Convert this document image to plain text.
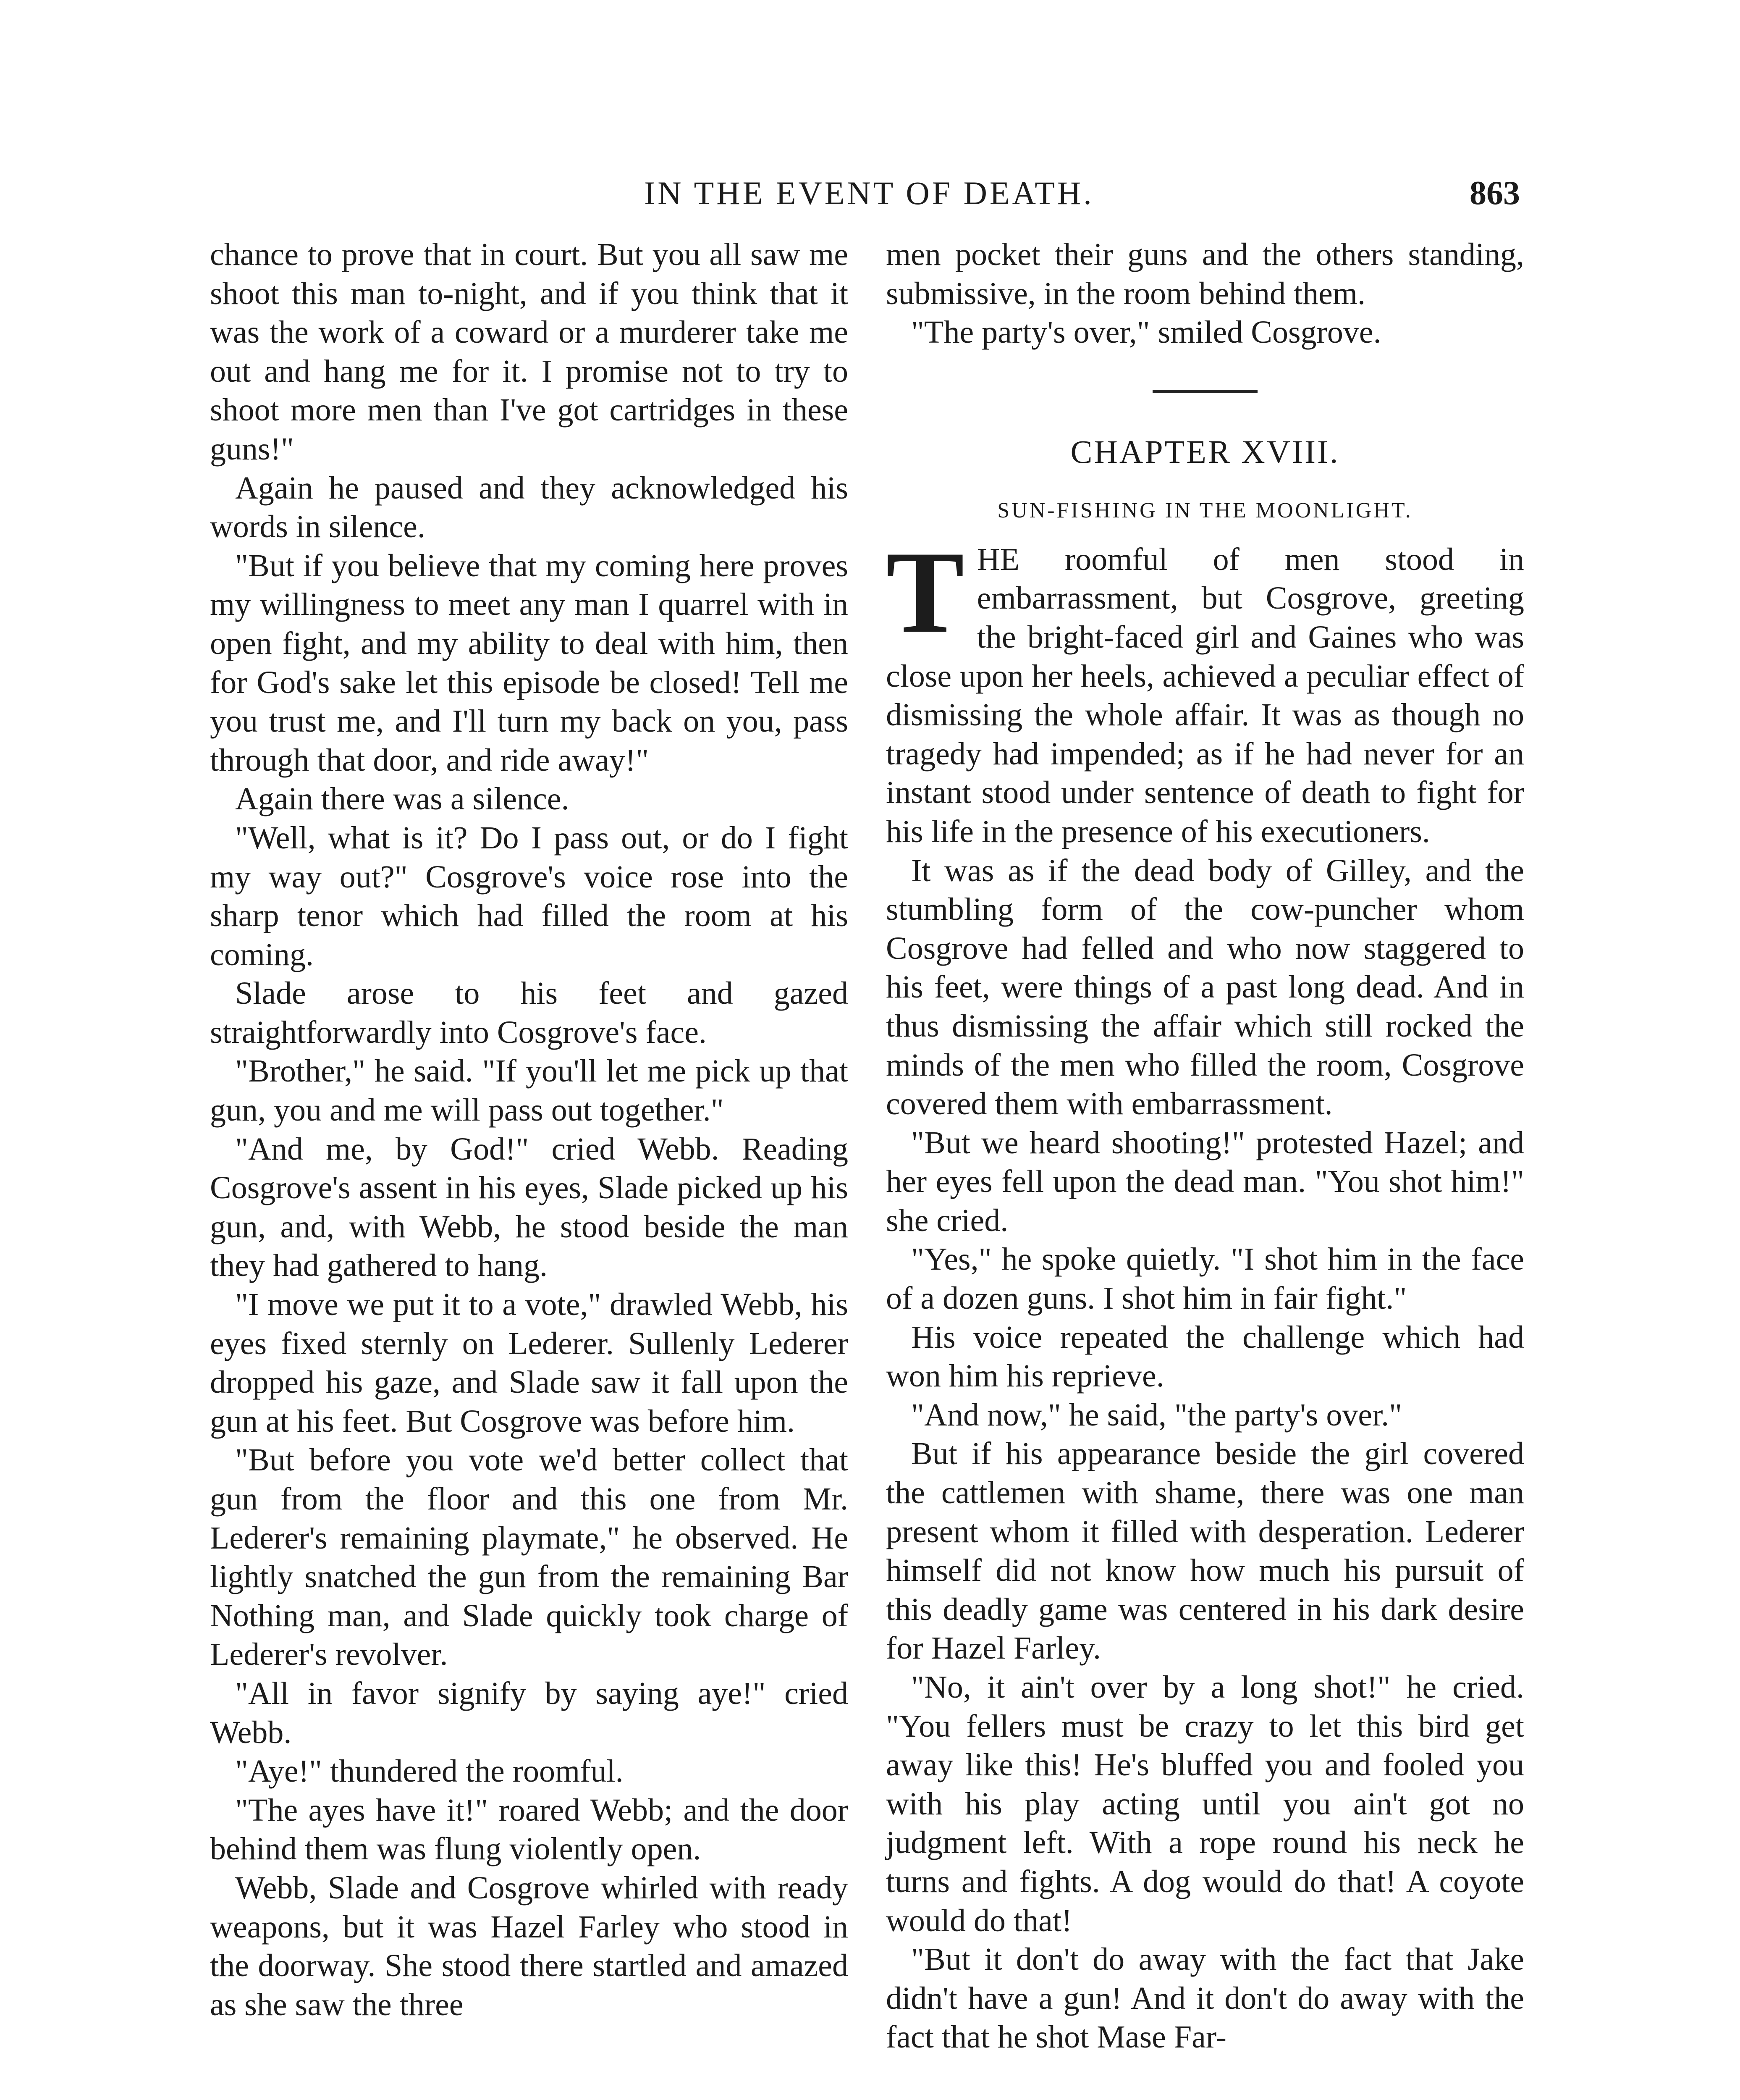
IN THE EVENT OF DEATH.	863

chance to prove that in court. But you all saw me shoot this man to-night, and if you think that it was the work of a coward or a murderer take me out and hang me for it. I promise not to try to shoot more men than I've got cartridges in these guns!"

Again he paused and they acknowledged his words in silence.

"But if you believe that my coming here proves my willingness to meet any man I quarrel with in open fight, and my ability to deal with him, then for God's sake let this episode be closed! Tell me you trust me, and I'll turn my back on you, pass through that door, and ride away!"

Again there was a silence.

"Well, what is it? Do I pass out, or do I fight my way out?" Cosgrove's voice rose into the sharp tenor which had filled the room at his coming.

Slade arose to his feet and gazed straightforwardly into Cosgrove's face.

"Brother," he said. "If you'll let me pick up that gun, you and me will pass out together."

"And me, by God!" cried Webb. Reading Cosgrove's assent in his eyes, Slade picked up his gun, and, with Webb, he stood beside the man they had gathered to hang.

"I move we put it to a vote," drawled Webb, his eyes fixed sternly on Lederer. Sullenly Lederer dropped his gaze, and Slade saw it fall upon the gun at his feet. But Cosgrove was before him.

"But before you vote we'd better collect that gun from the floor and this one from Mr. Lederer's remaining playmate," he observed. He lightly snatched the gun from the remaining Bar Nothing man, and Slade quickly took charge of Lederer's revolver.

"All in favor signify by saying aye!" cried Webb.

"Aye!" thundered the roomful.

"The ayes have it!" roared Webb; and the door behind them was flung violently open.

Webb, Slade and Cosgrove whirled with ready weapons, but it was Hazel Farley who stood in the doorway. She stood there startled and amazed as she saw the three

men pocket their guns and the others standing, submissive, in the room behind them.

"The party's over," smiled Cosgrove.

CHAPTER XVIII.
SUN-FISHING IN THE MOONLIGHT.

THE roomful of men stood in embarrassment, but Cosgrove, greeting the bright-faced girl and Gaines who was close upon her heels, achieved a peculiar effect of dismissing the whole affair. It was as though no tragedy had impended; as if he had never for an instant stood under sentence of death to fight for his life in the presence of his executioners.

It was as if the dead body of Gilley, and the stumbling form of the cow-puncher whom Cosgrove had felled and who now staggered to his feet, were things of a past long dead. And in thus dismissing the affair which still rocked the minds of the men who filled the room, Cosgrove covered them with embarrassment.

"But we heard shooting!" protested Hazel; and her eyes fell upon the dead man. "You shot him!" she cried.

"Yes," he spoke quietly. "I shot him in the face of a dozen guns. I shot him in fair fight."

His voice repeated the challenge which had won him his reprieve.

"And now," he said, "the party's over."

But if his appearance beside the girl covered the cattlemen with shame, there was one man present whom it filled with desperation. Lederer himself did not know how much his pursuit of this deadly game was centered in his dark desire for Hazel Farley.

"No, it ain't over by a long shot!" he cried. "You fellers must be crazy to let this bird get away like this! He's bluffed you and fooled you with his play acting until you ain't got no judgment left. With a rope round his neck he turns and fights. A dog would do that! A coyote would do that!

"But it don't do away with the fact that Jake didn't have a gun! And it don't do away with the fact that he shot Mase Far-
